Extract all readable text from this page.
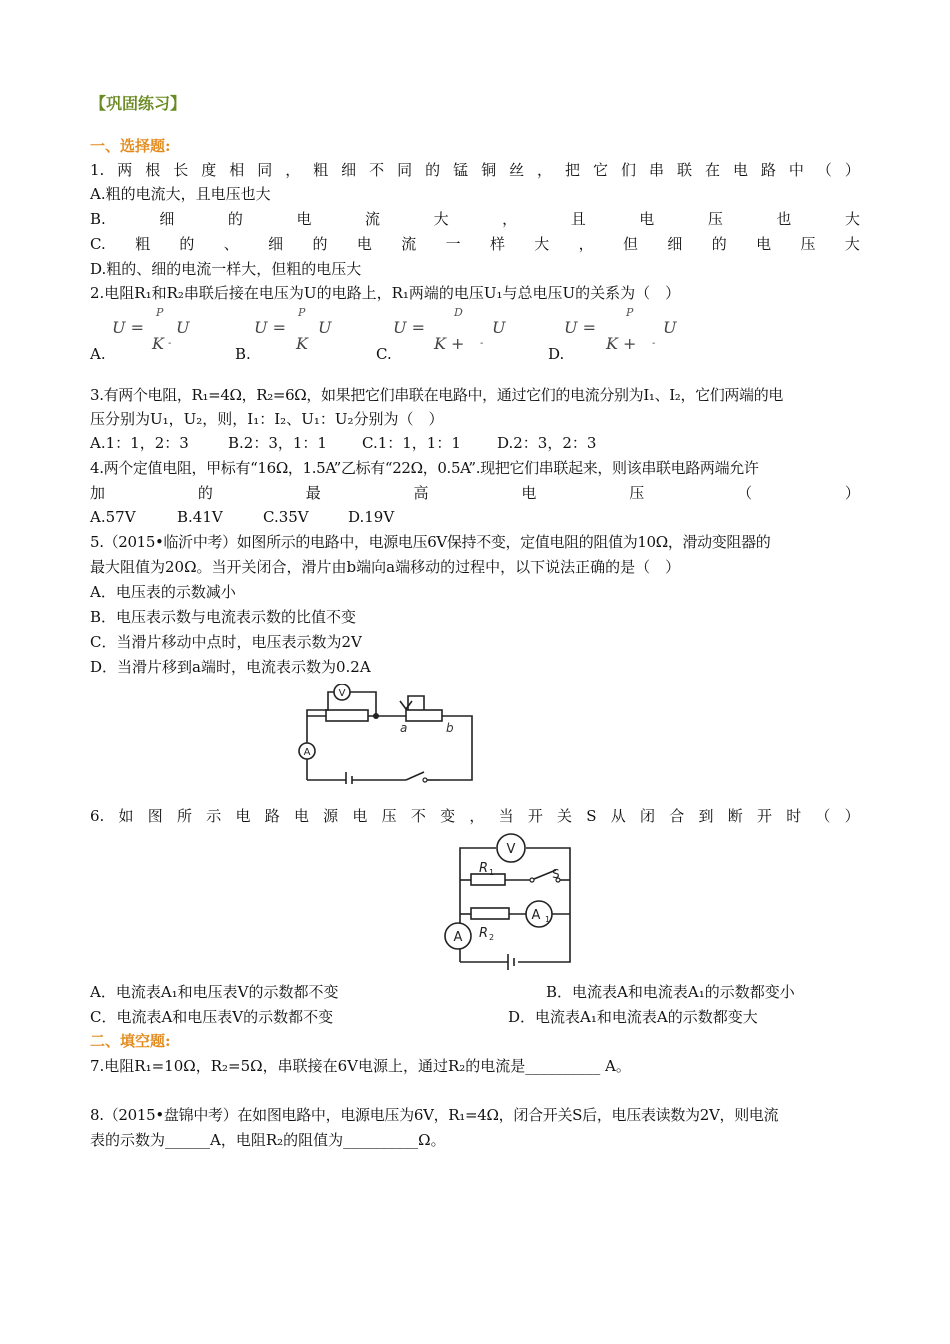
【巩固练习】
一、选择题:
1. 两 根 长 度 相 同 ， 粗 细 不 同 的 锰 铜 丝 ， 把 它 们 串 联 在 电 路 中 （ ）
A.粗的电流大，且电压也大
B.	细	的	电	流	大	，	且	电	压	也	大
C. 粗 的 、 细 的 电 流 一 样 大 ， 但 细 的 电 压 大
D.粗的、细的电流一样大，但粗的电压大
2.电阻R₁和R₂串联后接在电压为U的电路上，R₁两端的电压U₁与总电压U的关系为（　）
U =
P
U
K -
U =
P
U
K
U =
D
U
K + -
U =
P
U
K + -
A.	B.	C.	D.
3.有两个电阻，R₁=4Ω，R₂=6Ω，如果把它们串联在电路中，通过它们的电流分别为I₁、I₂，它们两端的电
压分别为U₁，U₂，则，I₁：I₂、U₁：U₂分别为（　）
A.1：1，2：3	B.2：3，1：1 C.1：1，1：1 D.2：3，2：3
4.两个定值电阻，甲标有“16Ω，1.5A”乙标有“22Ω，0.5A”.现把它们串联起来，则该串联电路两端允许
加	的	最	高	电	压	（	）
A.57V	B.41V	C.35V	D.19V
5.（2015•临沂中考）如图所示的电路中，电源电压6V保持不变，定值电阻的阻值为10Ω，滑动变阻器的
最大阻值为20Ω。当开关闭合，滑片由b端向a端移动的过程中，以下说法正确的是（　）
A．电压表的示数减小
B．电压表示数与电流表示数的比值不变
C．当滑片移动中点时，电压表示数为2V
D．当滑片移到a端时，电流表示数为0.2A
V
A
a	b
6. 如 图 所 示 电 路 电 源 电 压 不 变 ， 当 开 关 S 从 闭 合 到 断 开 时 （ ）
V
A 1
A
R 1	S
R 2
A．电流表A₁和电压表V的示数都不变	B．电流表A和电流表A₁的示数都变小
C．电流表A和电压表V的示数都不变	D．电流表A₁和电流表A的示数都变大
二、填空题:
7.电阻R₁=10Ω，R₂=5Ω，串联接在6V电源上，通过R₂的电流是__________ A。
8.（2015•盘锦中考）在如图电路中，电源电压为6V，R₁=4Ω，闭合开关S后，电压表读数为2V，则电流
表的示数为______A，电阻R₂的阻值为__________Ω。
